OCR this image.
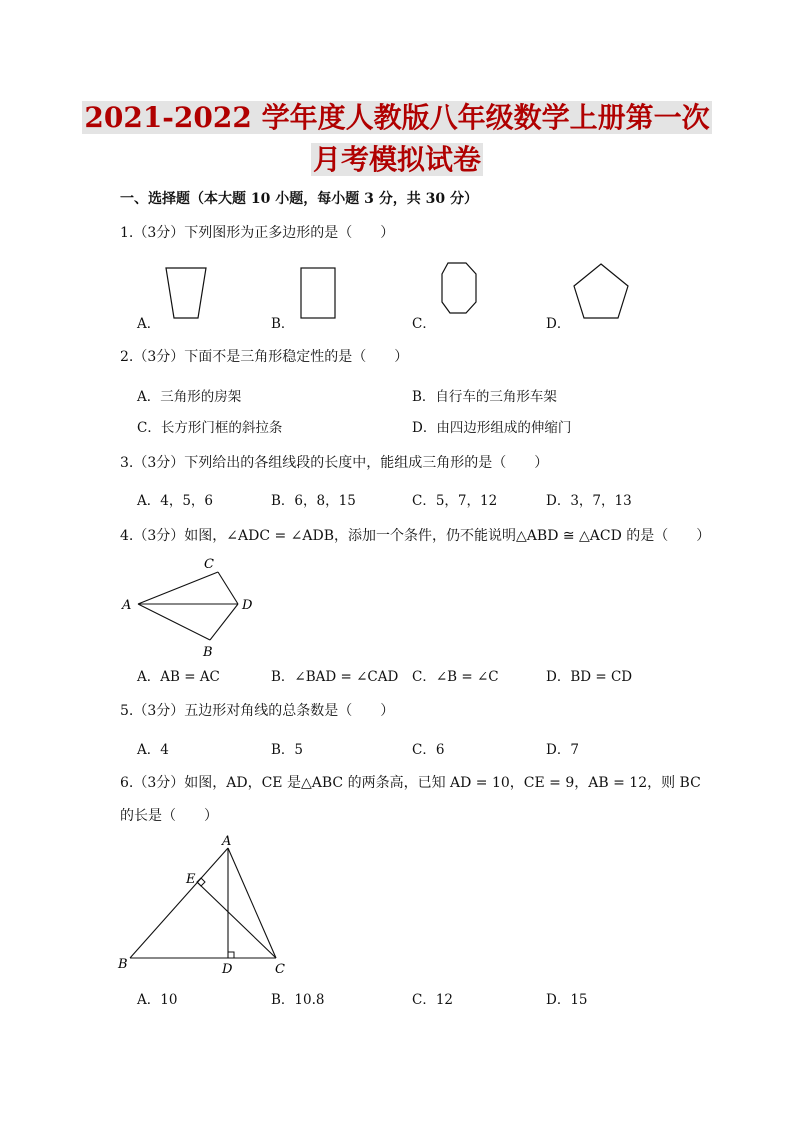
2021-2022 学年度人教版八年级数学上册第一次
月考模拟试卷
一、选择题（本大题 10 小题，每小题 3 分，共 30 分）
1.（3分）下列图形为正多边形的是（　　）
A．	B．	C．	D．
2.（3分）下面不是三角形稳定性的是（　　）
A．三角形的房架	B．自行车的三角形车架
C．长方形门框的斜拉条	D．由四边形组成的伸缩门
3.（3分）下列给出的各组线段的长度中，能组成三角形的是（　　）
A．4，5，6	B．6，8，15	C．5，7，12	D．3，7，13
4.（3分）如图，∠ADC = ∠ADB，添加一个条件，仍不能说明△ABD ≅ △ACD 的是（　　）
A
B
C
D
A．AB = AC	B．∠BAD = ∠CAD C．∠B = ∠C	D．BD = CD
5.（3分）五边形对角线的总条数是（　　）
A．4	B．5	C．6	D．7
6.（3分）如图，AD，CE 是△ABC 的两条高，已知 AD = 10，CE = 9，AB = 12，则 BC
的长是（　　）
A
E
B	D	C
A．10	B．10.8	C．12	D．15
